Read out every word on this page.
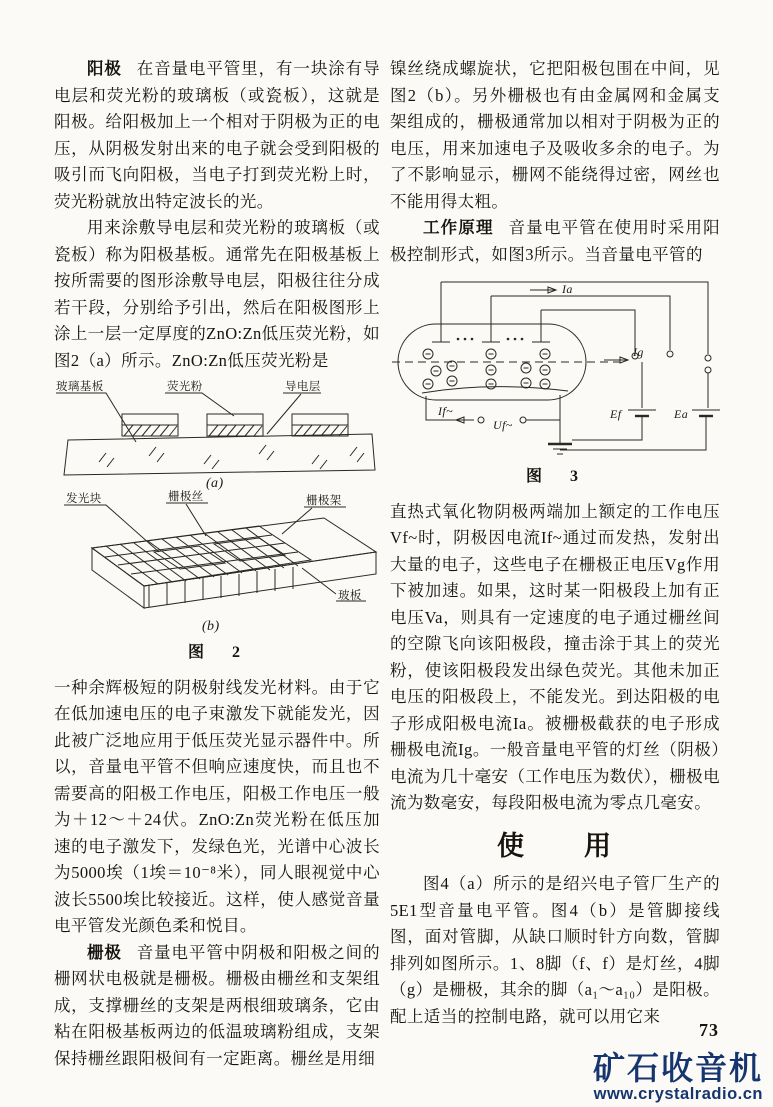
阳极 在音量电平管里，有一块涂有导电层和荧光粉的玻璃板（或瓷板），这就是阳极。给阳极加上一个相对于阴极为正的电压，从阴极发射出来的电子就会受到阳极的吸引而飞向阳极，当电子打到荧光粉上时，荧光粉就放出特定波长的光。

用来涂敷导电层和荧光粉的玻璃板（或瓷板）称为阳极基板。通常先在阳极基板上按所需要的图形涂敷导电层，阳极往往分成若干段，分别给予引出，然后在阳极图形上涂上一层一定厚度的ZnO:Zn低压荧光粉，如图2（a）所示。ZnO:Zn低压荧光粉是

玻璃基板	荧光粉	导电层
(a)
发光块	栅极丝	栅极架
玻板
(b)

图　2

一种余辉极短的阴极射线发光材料。由于它在低加速电压的电子束激发下就能发光，因此被广泛地应用于低压荧光显示器件中。所以，音量电平管不但响应速度快，而且也不需要高的阳极工作电压，阳极工作电压一般为＋12～＋24伏。ZnO:Zn荧光粉在低压加速的电子激发下，发绿色光，光谱中心波长为5000埃（1埃＝10⁻⁸米），同人眼视觉中心波长5500埃比较接近。这样，使人感觉音量电平管发光颜色柔和悦目。

栅极 音量电平管中阴极和阳极之间的栅网状电极就是栅极。栅极由栅丝和支架组成，支撑栅丝的支架是两根细玻璃条，它由粘在阳极基板两边的低温玻璃粉组成，支架保持栅丝跟阳极间有一定距离。栅丝是用细

镍丝绕成螺旋状，它把阳极包围在中间，见图2（b）。另外栅极也有由金属网和金属支架组成的，栅极通常加以相对于阴极为正的电压，用来加速电子及吸收多余的电子。为了不影响显示，栅网不能绕得过密，网丝也不能用得太粗。

工作原理 音量电平管在使用时采用阳极控制形式，如图3所示。当音量电平管的

Ia
Ig
Ef	Ea
If~
Uf~

图　3

直热式氧化物阴极两端加上额定的工作电压Vf~时，阴极因电流If~通过而发热，发射出大量的电子，这些电子在栅极正电压Vg作用下被加速。如果，这时某一阳极段上加有正电压Va，则具有一定速度的电子通过栅丝间的空隙飞向该阳极段，撞击涂于其上的荧光粉，使该阳极段发出绿色荧光。其他未加正电压的阳极段上，不能发光。到达阳极的电子形成阳极电流Ia。被栅极截获的电子形成栅极电流Ig。一般音量电平管的灯丝（阴极）电流为几十毫安（工作电压为数伏），栅极电流为数毫安，每段阳极电流为零点几毫安。

使　　用

图4（a）所示的是绍兴电子管厂生产的5E1型音量电平管。图4（b）是管脚接线图，面对管脚，从缺口顺时针方向数，管脚排列如图所示。1、8脚（f、f）是灯丝，4脚（g）是栅极，其余的脚（a₁～a₁₀）是阳极。配上适当的控制电路，就可以用它来

73
矿石收音机
www.crystalradio.cn
